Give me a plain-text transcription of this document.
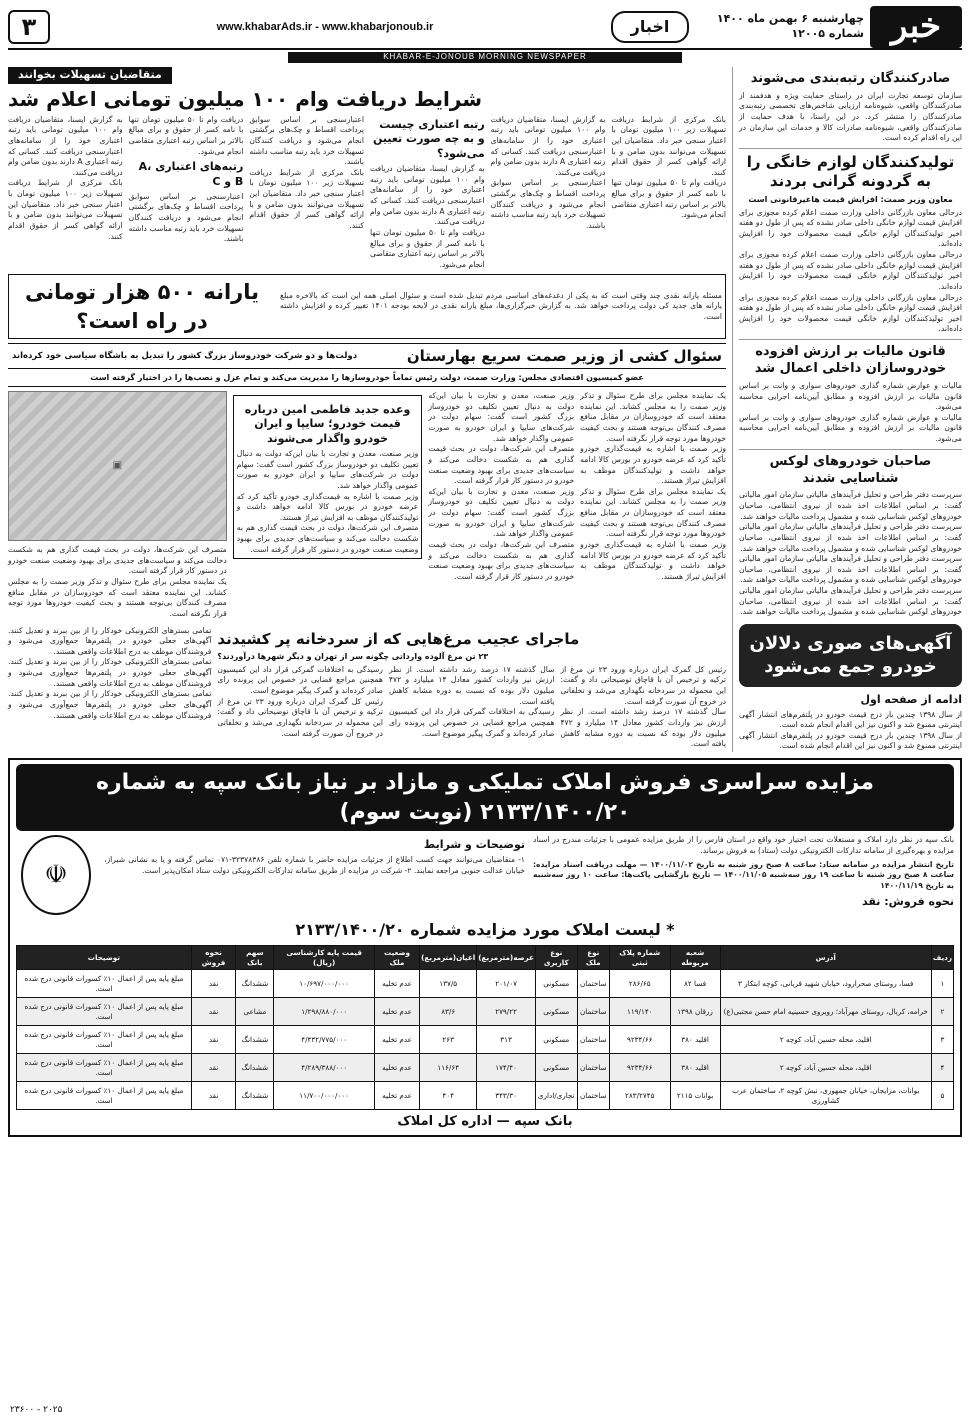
خبر
چهارشنبه ۶ بهمن ماه ۱۴۰۰ شماره ۱۲۰۰۵
اخبار
www.khabarAds.ir - www.khabarjonoub.ir
۳
KHABAR-E-JONOUB MORNING NEWSPAPER
صادرکنندگان رتبه‌بندی می‌شوند
سازمان توسعه تجارت ایران در راستای حمایت ویژه و هدفمند از صادرکنندگان واقعی، شیوه‌نامه ارزیابی شاخص‌های تخصصی رتبه‌بندی صادرکنندگان را منتشر کرد. در این راستا، با هدف حمایت از صادرکنندگان واقعی، شیوه‌نامه صادرات کالا و خدمات این سازمان در این راه اقدام کرده است.
تولیدکنندگان لوازم خانگی را به گردونه گرانی بردند
معاون وزیر صمت: افزایش قیمت هاغیرقانونی است
درحالی معاون بازرگانی داخلی وزارت صمت اعلام کرده مجوزی برای افزایش قیمت لوازم خانگی داخلی صادر نشده که پس از طول دو هفته اخیر تولیدکنندگان لوازم خانگی قیمت محصولات خود را افزایش داده‌اند.
درحالی معاون بازرگانی داخلی وزارت صمت اعلام کرده مجوزی برای افزایش قیمت لوازم خانگی داخلی صادر نشده که پس از طول دو هفته اخیر تولیدکنندگان لوازم خانگی قیمت محصولات خود را افزایش داده‌اند.
درحالی معاون بازرگانی داخلی وزارت صمت اعلام کرده مجوزی برای افزایش قیمت لوازم خانگی داخلی صادر نشده که پس از طول دو هفته اخیر تولیدکنندگان لوازم خانگی قیمت محصولات خود را افزایش داده‌اند.
قانون مالیات بر ارزش افزوده خودروسازان داخلی اعمال شد
مالیات و عوارض شماره گذاری خودروهای سواری و وانت بر اساس قانون مالیات بر ارزش افزوده و مطابق آیین‌نامه اجرایی محاسبه می‌شود.
مالیات و عوارض شماره گذاری خودروهای سواری و وانت بر اساس قانون مالیات بر ارزش افزوده و مطابق آیین‌نامه اجرایی محاسبه می‌شود.
صاحبان خودروهای لوکس شناسایی شدند
سرپرست دفتر طراحی و تحلیل فرآیندهای مالیاتی سازمان امور مالیاتی گفت: بر اساس اطلاعات اخذ شده از نیروی انتظامی، صاحبان خودروهای لوکس شناسایی شده و مشمول پرداخت مالیات خواهند شد.
سرپرست دفتر طراحی و تحلیل فرآیندهای مالیاتی سازمان امور مالیاتی گفت: بر اساس اطلاعات اخذ شده از نیروی انتظامی، صاحبان خودروهای لوکس شناسایی شده و مشمول پرداخت مالیات خواهند شد.
سرپرست دفتر طراحی و تحلیل فرآیندهای مالیاتی سازمان امور مالیاتی گفت: بر اساس اطلاعات اخذ شده از نیروی انتظامی، صاحبان خودروهای لوکس شناسایی شده و مشمول پرداخت مالیات خواهند شد.
سرپرست دفتر طراحی و تحلیل فرآیندهای مالیاتی سازمان امور مالیاتی گفت: بر اساس اطلاعات اخذ شده از نیروی انتظامی، صاحبان خودروهای لوکس شناسایی شده و مشمول پرداخت مالیات خواهند شد.
آگهی‌های صوری دلالان خودرو جمع می‌شود
ادامه از صفحه اول
از سال ۱۳۹۸ چندین بار درج قیمت خودرو در پلتفرم‌های انتشار آگهی اینترنتی ممنوع شد و اکنون نیز این اقدام انجام شده است.
از سال ۱۳۹۸ چندین بار درج قیمت خودرو در پلتفرم‌های انتشار آگهی اینترنتی ممنوع شد و اکنون نیز این اقدام انجام شده است.
متقاضیان تسهیلات بخوانند
شرایط دریافت وام ۱۰۰ میلیون تومانی اعلام شد
بانک مرکزی از شرایط دریافت تسهیلات زیر ۱۰۰ میلیون تومان با اعتبار سنجی خبر داد. متقاضیان این تسهیلات می‌توانند بدون ضامن و با ارائه گواهی کسر از حقوق اقدام کنند.
دریافت وام تا ۵۰ میلیون تومان تنها با نامه کسر از حقوق و برای مبالغ بالاتر بر اساس رتبه اعتباری متقاضی انجام می‌شود.
به گزارش ایسنا، متقاضیان دریافت وام ۱۰۰ میلیون تومانی باید رتبه اعتباری خود را از سامانه‌های اعتبارسنجی دریافت کنند. کسانی که رتبه اعتباری A دارند بدون ضامن وام دریافت می‌کنند.
اعتبارسنجی بر اساس سوابق پرداخت اقساط و چک‌های برگشتی انجام می‌شود و دریافت کنندگان تسهیلات خرد باید رتبه مناسب داشته باشند.
رتبه اعتباری چیست و به چه صورت تعیین می‌شود؟
به گزارش ایسنا، متقاضیان دریافت وام ۱۰۰ میلیون تومانی باید رتبه اعتباری خود را از سامانه‌های اعتبارسنجی دریافت کنند. کسانی که رتبه اعتباری A دارند بدون ضامن وام دریافت می‌کنند.
دریافت وام تا ۵۰ میلیون تومان تنها با نامه کسر از حقوق و برای مبالغ بالاتر بر اساس رتبه اعتباری متقاضی انجام می‌شود.
اعتبارسنجی بر اساس سوابق پرداخت اقساط و چک‌های برگشتی انجام می‌شود و دریافت کنندگان تسهیلات خرد باید رتبه مناسب داشته باشند.
بانک مرکزی از شرایط دریافت تسهیلات زیر ۱۰۰ میلیون تومان با اعتبار سنجی خبر داد. متقاضیان این تسهیلات می‌توانند بدون ضامن و با ارائه گواهی کسر از حقوق اقدام کنند.
دریافت وام تا ۵۰ میلیون تومان تنها با نامه کسر از حقوق و برای مبالغ بالاتر بر اساس رتبه اعتباری متقاضی انجام می‌شود.
رتبه‌های اعتباری A، B و C
اعتبارسنجی بر اساس سوابق پرداخت اقساط و چک‌های برگشتی انجام می‌شود و دریافت کنندگان تسهیلات خرد باید رتبه مناسب داشته باشند.
به گزارش ایسنا، متقاضیان دریافت وام ۱۰۰ میلیون تومانی باید رتبه اعتباری خود را از سامانه‌های اعتبارسنجی دریافت کنند. کسانی که رتبه اعتباری A دارند بدون ضامن وام دریافت می‌کنند.
بانک مرکزی از شرایط دریافت تسهیلات زیر ۱۰۰ میلیون تومان با اعتبار سنجی خبر داد. متقاضیان این تسهیلات می‌توانند بدون ضامن و با ارائه گواهی کسر از حقوق اقدام کنند.
مسئله یارانه نقدی چند وقتی است که به یکی از دغدغه‌های اساسی مردم تبدیل شده است و سئوال اصلی همه این است که بالاخره مبلغ یارانه های جدید کی دولت پرداخت خواهد شد. به گزارش خبرگزاری‌ها، مبلغ یارانه نقدی در لایحه بودجه ۱۴۰۱ تغییر کرده و افزایش داشته است.
یارانه ۵۰۰ هزار تومانی در راه است؟
سئوال کشی از وزیر صمت سریع بهارستان
دولت‌ها و دو شرکت خودروساز بزرگ کشور را تبدیل به باشگاه سیاسی خود کرده‌اند
عضو کمیسیون اقتصادی مجلس: وزارت صمت، دولت رئیس تماماً خودروسازها را مدیریت می‌کند و تمام عزل و نصب‌ها را در اختیار گرفته است
یک نماینده مجلس برای طرح سئوال و تذکر وزیر صمت را به مجلس کشاند. این نماینده معتقد است که خودروسازان در مقابل منافع مصرف کنندگان بی‌توجه هستند و بحث کیفیت خودروها مورد توجه قرار نگرفته است.
وزیر صمت با اشاره به قیمت‌گذاری خودرو تأکید کرد که عرضه خودرو در بورس کالا ادامه خواهد داشت و تولیدکنندگان موظف به افزایش تیراژ هستند.
یک نماینده مجلس برای طرح سئوال و تذکر وزیر صمت را به مجلس کشاند. این نماینده معتقد است که خودروسازان در مقابل منافع مصرف کنندگان بی‌توجه هستند و بحث کیفیت خودروها مورد توجه قرار نگرفته است.
وزیر صمت با اشاره به قیمت‌گذاری خودرو تأکید کرد که عرضه خودرو در بورس کالا ادامه خواهد داشت و تولیدکنندگان موظف به افزایش تیراژ هستند.
وزیر صنعت، معدن و تجارت با بیان این‌که دولت به دنبال تعیین تکلیف دو خودروساز بزرگ کشور است گفت: سهام دولت در شرکت‌های سایپا و ایران خودرو به صورت عمومی واگذار خواهد شد.
متصرف این شرکت‌ها، دولت در بحث قیمت گذاری هم به شکست دخالت می‌کند و سیاست‌های جدیدی برای بهبود وضعیت صنعت خودرو در دستور کار قرار گرفته است.
وزیر صنعت، معدن و تجارت با بیان این‌که دولت به دنبال تعیین تکلیف دو خودروساز بزرگ کشور است گفت: سهام دولت در شرکت‌های سایپا و ایران خودرو به صورت عمومی واگذار خواهد شد.
متصرف این شرکت‌ها، دولت در بحث قیمت گذاری هم به شکست دخالت می‌کند و سیاست‌های جدیدی برای بهبود وضعیت صنعت خودرو در دستور کار قرار گرفته است.
وعده جدید فاطمی امین درباره قیمت خودرو؛ سایپا و ایران خودرو واگذار می‌شوند
وزیر صنعت، معدن و تجارت با بیان این‌که دولت به دنبال تعیین تکلیف دو خودروساز بزرگ کشور است گفت: سهام دولت در شرکت‌های سایپا و ایران خودرو به صورت عمومی واگذار خواهد شد.
وزیر صمت با اشاره به قیمت‌گذاری خودرو تأکید کرد که عرضه خودرو در بورس کالا ادامه خواهد داشت و تولیدکنندگان موظف به افزایش تیراژ هستند.
متصرف این شرکت‌ها، دولت در بحث قیمت گذاری هم به شکست دخالت می‌کند و سیاست‌های جدیدی برای بهبود وضعیت صنعت خودرو در دستور کار قرار گرفته است.
▣
متصرف این شرکت‌ها، دولت در بحث قیمت گذاری هم به شکست دخالت می‌کند و سیاست‌های جدیدی برای بهبود وضعیت صنعت خودرو در دستور کار قرار گرفته است.
یک نماینده مجلس برای طرح سئوال و تذکر وزیر صمت را به مجلس کشاند. این نماینده معتقد است که خودروسازان در مقابل منافع مصرف کنندگان بی‌توجه هستند و بحث کیفیت خودروها مورد توجه قرار نگرفته است.
ماجرای عجیب مرغ‌هایی که از سردخانه پر کشیدند
۲۳ تن مرغ آلوده وارداتی چگونه سر از تهران و دیگر شهرها درآوردند؟
رئیس کل گمرک ایران درباره ورود ۲۳ تن مرغ از ترکیه و ترخیص آن با قاچاق توضیحاتی داد و گفت: این محموله در سردخانه نگهداری می‌شد و تخلفاتی در خروج آن صورت گرفته است.
سال گذشته ۱۷ درصد رشد داشته است. از نظر ارزش نیز واردات کشور معادل ۱۴ میلیارد و ۴۷۲ میلیون دلار بوده که نسبت به دوره مشابه کاهش یافته است.
سال گذشته ۱۷ درصد رشد داشته است. از نظر ارزش نیز واردات کشور معادل ۱۴ میلیارد و ۴۷۲ میلیون دلار بوده که نسبت به دوره مشابه کاهش یافته است.
رسیدگی به اختلافات گمرکی قرار داد این کمیسیون همچنین مراجع قضایی در خصوص این پرونده رای صادر کرده‌اند و گمرک پیگیر موضوع است.
رسیدگی به اختلافات گمرکی قرار داد این کمیسیون همچنین مراجع قضایی در خصوص این پرونده رای صادر کرده‌اند و گمرک پیگیر موضوع است.
رئیس کل گمرک ایران درباره ورود ۲۳ تن مرغ از ترکیه و ترخیص آن با قاچاق توضیحاتی داد و گفت: این محموله در سردخانه نگهداری می‌شد و تخلفاتی در خروج آن صورت گرفته است.
تمامی بسترهای الکترونیکی خودکار را از بین ببرند و تعدیل کنند. آگهی‌های جعلی خودرو در پلتفرم‌ها جمع‌آوری می‌شود و فروشندگان موظف به درج اطلاعات واقعی هستند.
تمامی بسترهای الکترونیکی خودکار را از بین ببرند و تعدیل کنند. آگهی‌های جعلی خودرو در پلتفرم‌ها جمع‌آوری می‌شود و فروشندگان موظف به درج اطلاعات واقعی هستند.
تمامی بسترهای الکترونیکی خودکار را از بین ببرند و تعدیل کنند. آگهی‌های جعلی خودرو در پلتفرم‌ها جمع‌آوری می‌شود و فروشندگان موظف به درج اطلاعات واقعی هستند.
مزایده سراسری فروش املاک تملیکی و مازاد بر نیاز بانک سپه به شماره ۲۱۳۳/۱۴۰۰/۲۰ (نوبت سوم)
بانک سپه در نظر دارد املاک و مستغلات تحت اختیار خود واقع در استان فارس را از طریق مزایده عمومی با جزئیات مندرج در اسناد مزایده و بهره‌گیری از سامانه تدارکات الکترونیکی دولت (ستاد) به فروش برساند.
تاریخ انتشار مزایده در سامانه ستاد: ساعت ۸ صبح روز شنبه به تاریخ ۱۴۰۰/۱۱/۰۲ — مهلت دریافت اسناد مزایده: ساعت ۸ صبح روز شنبه تا ساعت ۱۹ روز سه‌شنبه ۱۴۰۰/۱۱/۰۵ — تاریخ بازگشایی پاکت‌ها: ساعت ۱۰ روز سه‌شنبه به تاریخ ۱۴۰۰/۱۱/۱۹
نحوه فروش: نقد
توضیحات و شرایط
۱- متقاضیان می‌توانند جهت کسب اطلاع از جزئیات مزایده حاضر با شماره تلفن ۳۲۳۷۸۳۸۶-۰۷۱ تماس گرفته و یا به نشانی شیراز، خیابان عدالت جنوبی مراجعه نمایند. ۲- شرکت در مزایده از طریق سامانه تدارکات الکترونیکی دولت ستاد امکان‌پذیر است.
☫
* لیست املاک مورد مزایده شماره ۲۱۳۳/۱۴۰۰/۲۰
ردیف	آدرس	شعبه مربوطه	شماره پلاک ثبتی	نوع ملک	نوع کاربری	عرصه(مترمربع)	اعیان(مترمربع)	وضعیت ملک	قیمت پایه کارشناسی (ریال)	سهم بانک	نحوه فروش	توضیحات
۱	فسا، روستای صحرارود، خیابان شهید قربانی، کوچه ابتکار ۳	فسا ۸۲	۲۸۶/۶۵	ساختمان	مسکونی	۲۰۱/۰۷	۱۳۷/۵	عدم تخلیه	۱۰/۶۹۷/۰۰۰/۰۰۰	ششدانگ	نقد	مبلغ پایه پس از اعمال ۱۰٪ کسورات قانونی درج شده است.
۲	خرامه، کربال، روستای مهرآباد؛ روبروی حسینیه امام حسن مجتبی(ع)	زرقان ۱۳۹۸	۱۱۹/۱۴۰	ساختمان	مسکونی	۲۷۹/۲۲	۸۳/۶	عدم تخلیه	۱/۲۹۸/۸۸۰/۰۰۰	مشاعی	نقد	مبلغ پایه پس از اعمال ۱۰٪ کسورات قانونی درج شده است.
۳	اقلید، محله حسین آباد، کوچه ۲	اقلید ۳۸۰	۹۲۳۴/۶۶	ساختمان	مسکونی	۳۱۳	۲۶۳	عدم تخلیه	۴/۴۳۲/۷۷۵/۰۰۰	ششدانگ	نقد	مبلغ پایه پس از اعمال ۱۰٪ کسورات قانونی درج شده است.
۴	اقلید، محله حسین آباد، کوچه ۲	اقلید ۳۸۰	۹۲۳۴/۶۶	ساختمان	مسکونی	۱۷۴/۴۰	۱۱۶/۶۴	عدم تخلیه	۴/۲۸۹/۳۸۸/۰۰۰	ششدانگ	نقد	مبلغ پایه پس از اعمال ۱۰٪ کسورات قانونی درج شده است.
۵	بوانات، مزایجان، خیابان جمهوری، نبش کوچه ۲، ساختمان عرب کشاورزی	بوانات ۲۱۱۵	۲۸۳/۲۷۴۵	ساختمان	تجاری/اداری	۳۴۳/۳۰	۴۰۴	عدم تخلیه	۱۱/۷۰۰/۰۰۰/۰۰۰	ششدانگ	نقد	مبلغ پایه پس از اعمال ۱۰٪ کسورات قانونی درج شده است.
بانک سپه — اداره کل املاک
۲۳۶۰۰ - ۲۰۲۵
